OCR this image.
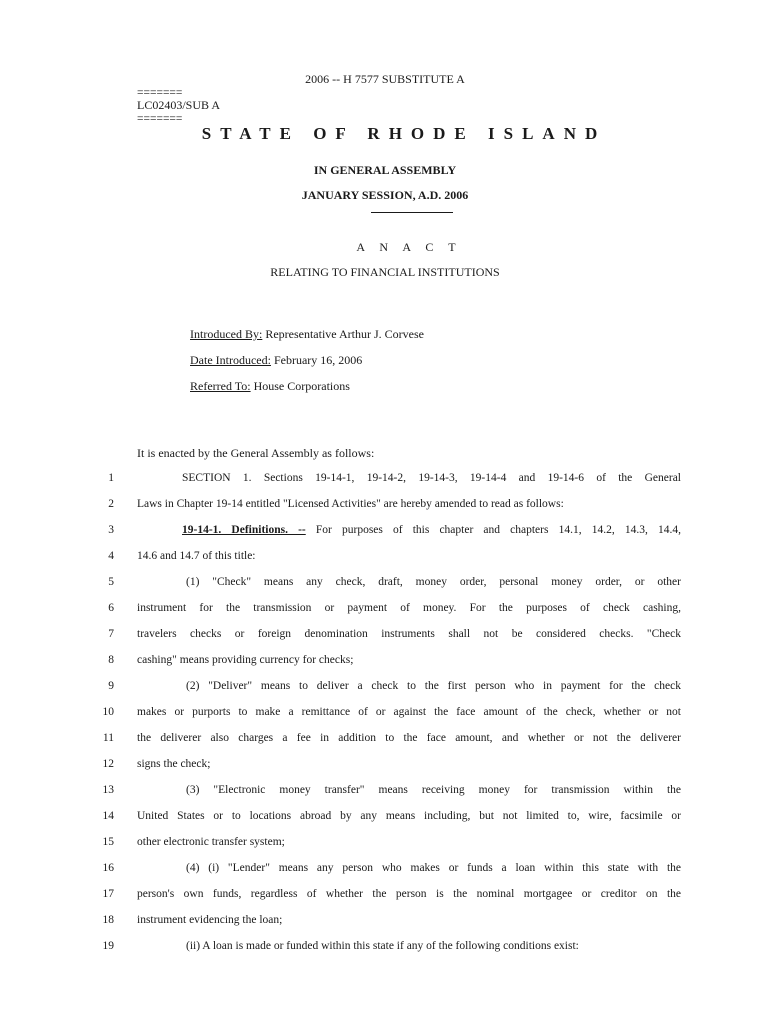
2006 -- H 7577 SUBSTITUTE A
=======
LC02403/SUB A
=======
STATE OF RHODE ISLAND
IN GENERAL ASSEMBLY
JANUARY SESSION, A.D. 2006
A N A C T
RELATING TO FINANCIAL INSTITUTIONS
Introduced By: Representative Arthur J. Corvese
Date Introduced: February 16, 2006
Referred To: House Corporations
It is enacted by the General Assembly as follows:
1	SECTION 1. Sections 19-14-1, 19-14-2, 19-14-3, 19-14-4 and 19-14-6 of the General
2 Laws in Chapter 19-14 entitled "Licensed Activities" are hereby amended to read as follows:
3	19-14-1. Definitions. -- For purposes of this chapter and chapters 14.1, 14.2, 14.3, 14.4,
4 14.6 and 14.7 of this title:
5	(1) "Check" means any check, draft, money order, personal money order, or other
6 instrument for the transmission or payment of money. For the purposes of check cashing,
7 travelers checks or foreign denomination instruments shall not be considered checks. "Check
8 cashing" means providing currency for checks;
9	(2) "Deliver" means to deliver a check to the first person who in payment for the check
10 makes or purports to make a remittance of or against the face amount of the check, whether or not
11 the deliverer also charges a fee in addition to the face amount, and whether or not the deliverer
12 signs the check;
13	(3) "Electronic money transfer" means receiving money for transmission within the
14 United States or to locations abroad by any means including, but not limited to, wire, facsimile or
15 other electronic transfer system;
16	(4) (i) "Lender" means any person who makes or funds a loan within this state with the
17 person's own funds, regardless of whether the person is the nominal mortgagee or creditor on the
18 instrument evidencing the loan;
19	(ii) A loan is made or funded within this state if any of the following conditions exist:
